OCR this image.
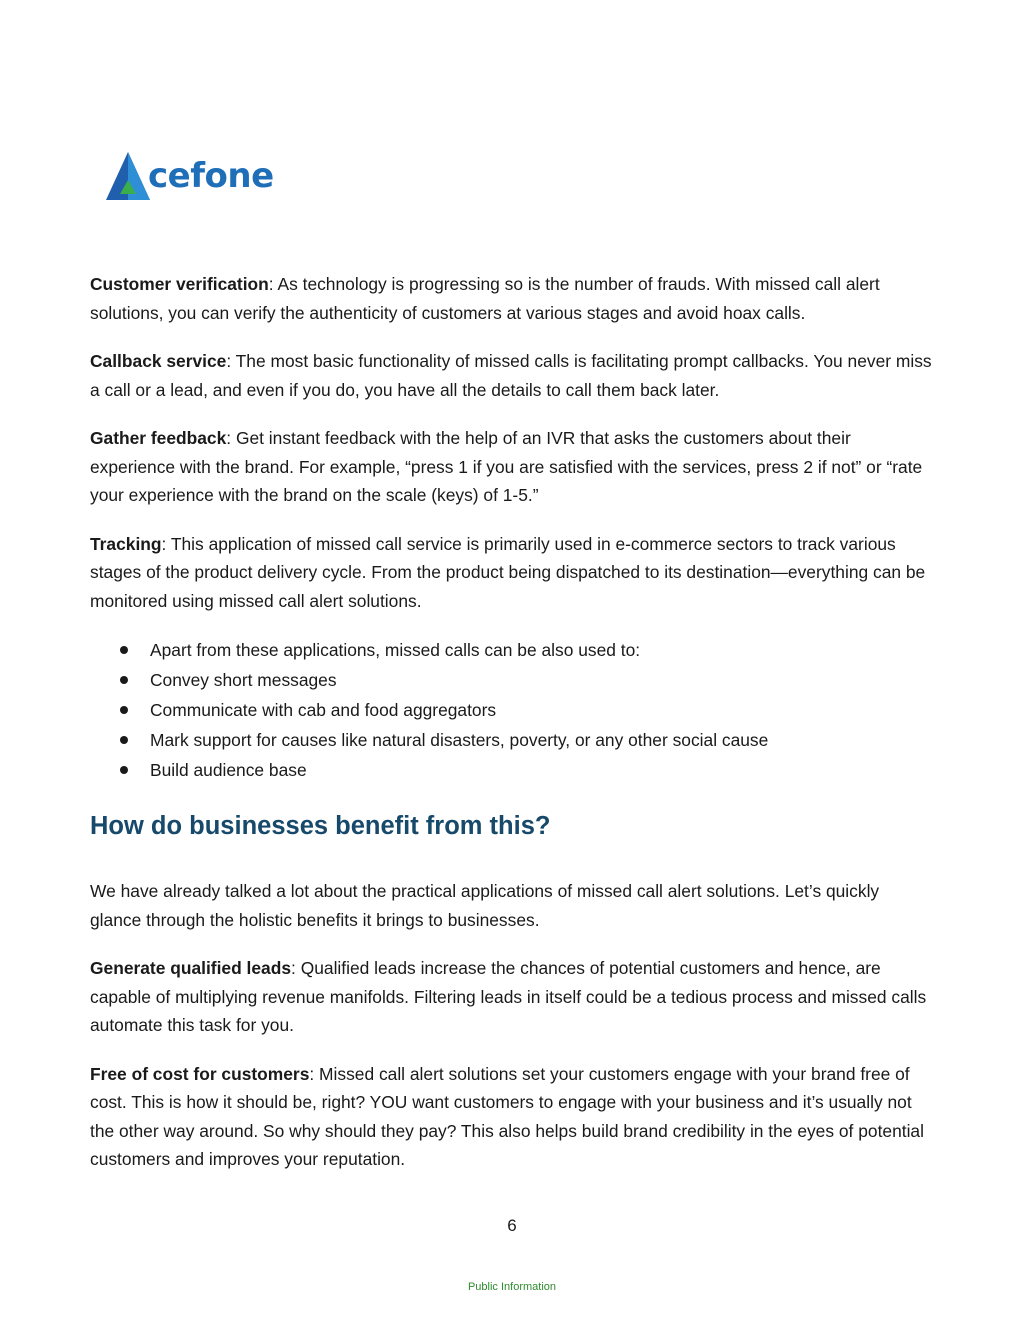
cefone

Customer verification: As technology is progressing so is the number of frauds. With missed call alert solutions, you can verify the authenticity of customers at various stages and avoid hoax calls.

Callback service: The most basic functionality of missed calls is facilitating prompt callbacks. You never miss a call or a lead, and even if you do, you have all the details to call them back later.

Gather feedback: Get instant feedback with the help of an IVR that asks the customers about their experience with the brand. For example, “press 1 if you are satisfied with the services, press 2 if not” or “rate your experience with the brand on the scale (keys) of 1-5.”

Tracking: This application of missed call service is primarily used in e-commerce sectors to track various stages of the product delivery cycle. From the product being dispatched to its destination—everything can be monitored using missed call alert solutions.

Apart from these applications, missed calls can be also used to:
Convey short messages
Communicate with cab and food aggregators
Mark support for causes like natural disasters, poverty, or any other social cause
Build audience base
How do businesses benefit from this?

We have already talked a lot about the practical applications of missed call alert solutions. Let’s quickly glance through the holistic benefits it brings to businesses.

Generate qualified leads: Qualified leads increase the chances of potential customers and hence, are capable of multiplying revenue manifolds. Filtering leads in itself could be a tedious process and missed calls automate this task for you.

Free of cost for customers: Missed call alert solutions set your customers engage with your brand free of cost. This is how it should be, right? YOU want customers to engage with your business and it’s usually not the other way around. So why should they pay? This also helps build brand credibility in the eyes of potential customers and improves your reputation.

6
Public Information
